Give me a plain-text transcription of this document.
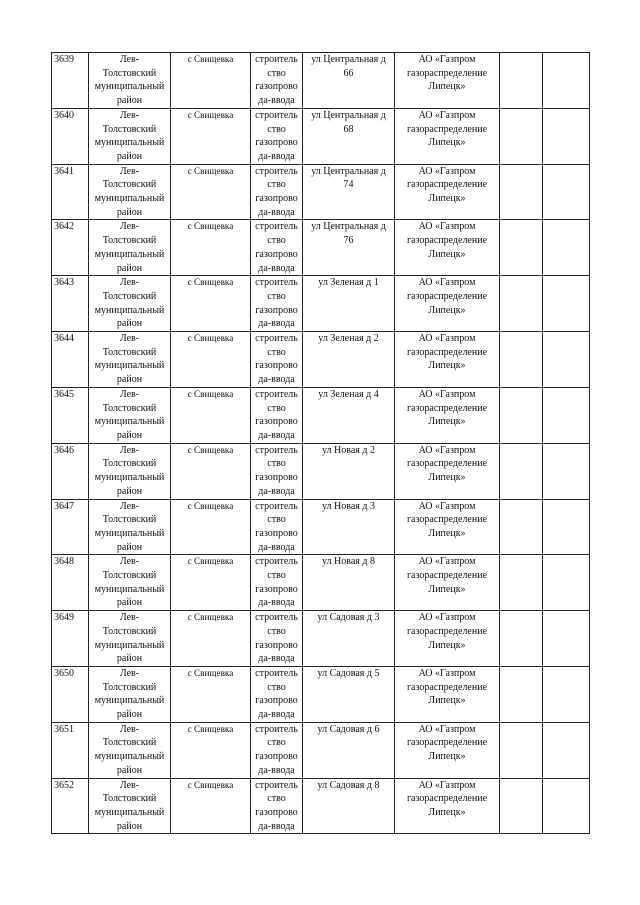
3639	Лев-
Толстовский
муниципальный
район	с Свищевка	строитель
ство
газопрово
да-ввода	ул Центральная д
66	АО «Газпром
газораспределение
Липецк»		
3640	Лев-
Толстовский
муниципальный
район	с Свищевка	строитель
ство
газопрово
да-ввода	ул Центральная д
68	АО «Газпром
газораспределение
Липецк»		
3641	Лев-
Толстовский
муниципальный
район	с Свищевка	строитель
ство
газопрово
да-ввода	ул Центральная д
74	АО «Газпром
газораспределение
Липецк»		
3642	Лев-
Толстовский
муниципальный
район	с Свищевка	строитель
ство
газопрово
да-ввода	ул Центральная д
76	АО «Газпром
газораспределение
Липецк»		
3643	Лев-
Толстовский
муниципальный
район	с Свищевка	строитель
ство
газопрово
да-ввода	ул Зеленая д 1	АО «Газпром
газораспределение
Липецк»		
3644	Лев-
Толстовский
муниципальный
район	с Свищевка	строитель
ство
газопрово
да-ввода	ул Зеленая д 2	АО «Газпром
газораспределение
Липецк»		
3645	Лев-
Толстовский
муниципальный
район	с Свищевка	строитель
ство
газопрово
да-ввода	ул Зеленая д 4	АО «Газпром
газораспределение
Липецк»		
3646	Лев-
Толстовский
муниципальный
район	с Свищевка	строитель
ство
газопрово
да-ввода	ул Новая д 2	АО «Газпром
газораспределение
Липецк»		
3647	Лев-
Толстовский
муниципальный
район	с Свищевка	строитель
ство
газопрово
да-ввода	ул Новая д 3	АО «Газпром
газораспределение
Липецк»		
3648	Лев-
Толстовский
муниципальный
район	с Свищевка	строитель
ство
газопрово
да-ввода	ул Новая д 8	АО «Газпром
газораспределение
Липецк»		
3649	Лев-
Толстовский
муниципальный
район	с Свищевка	строитель
ство
газопрово
да-ввода	ул Садовая д 3	АО «Газпром
газораспределение
Липецк»		
3650	Лев-
Толстовский
муниципальный
район	с Свищевка	строитель
ство
газопрово
да-ввода	ул Садовая д 5	АО «Газпром
газораспределение
Липецк»		
3651	Лев-
Толстовский
муниципальный
район	с Свищевка	строитель
ство
газопрово
да-ввода	ул Садовая д 6	АО «Газпром
газораспределение
Липецк»		
3652	Лев-
Толстовский
муниципальный
район	с Свищевка	строитель
ство
газопрово
да-ввода	ул Садовая д 8	АО «Газпром
газораспределение
Липецк»		
